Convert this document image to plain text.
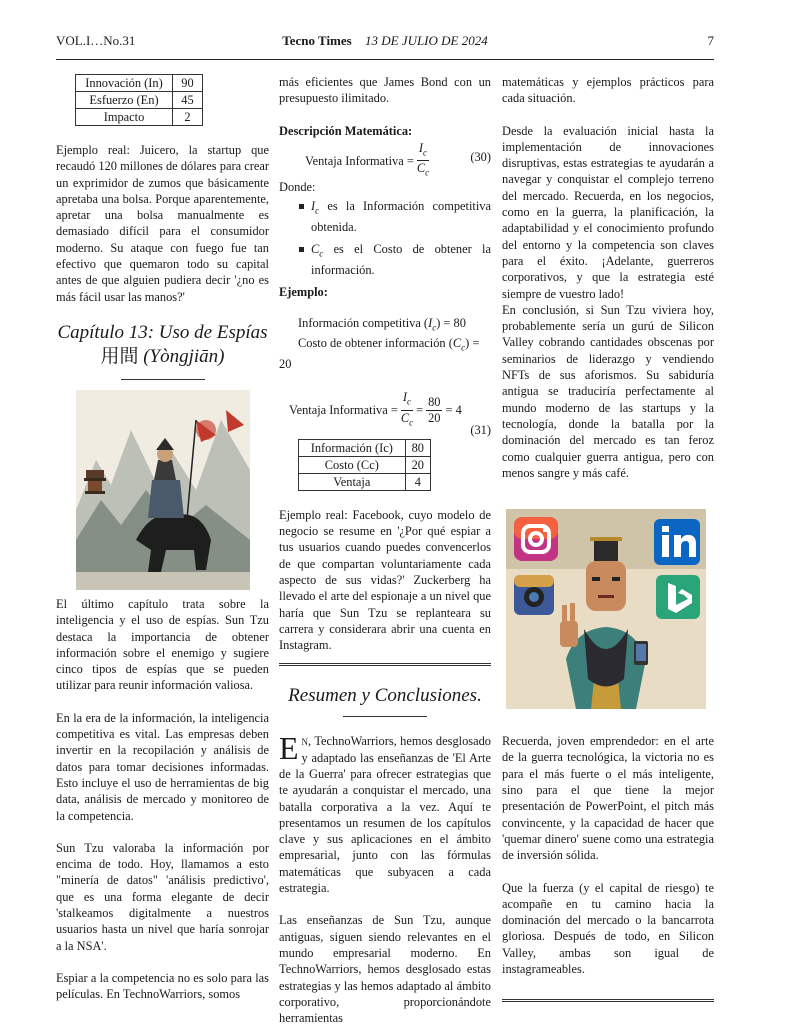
VOL.I…No.31	Tecno Times 13 DE JULIO DE 2024	7
Innovación (In)	90
Esfuerzo (En)	45
Impacto	2

Ejemplo real: Juicero, la startup que recaudó 120 millones de dólares para crear un exprimidor de zumos que básicamente apretaba una bolsa. Porque aparentemente, apretar una bolsa manualmente es demasiado difícil para el consumidor moderno. Su ataque con fuego fue tan efectivo que quemaron todo su capital antes de que alguien pudiera decir '¿no es más fácil usar las manos?'

Capítulo 13: Uso de Espías
用間 (Yòngjiān)

El último capítulo trata sobre la inteligencia y el uso de espías. Sun Tzu destaca la importancia de obtener información sobre el enemigo y sugiere cinco tipos de espías que se pueden utilizar para reunir información valiosa.

En la era de la información, la inteligencia competitiva es vital. Las empresas deben invertir en la recopilación y análisis de datos para tomar decisiones informadas. Esto incluye el uso de herramientas de big data, análisis de mercado y monitoreo de la competencia.

Sun Tzu valoraba la información por encima de todo. Hoy, llamamos a esto "minería de datos" 'análisis predictivo', que es una forma elegante de decir 'stalkeamos digitalmente a nuestros usuarios hasta un nivel que haría sonrojar a la NSA'.

Espiar a la competencia no es solo para las películas. En TechnoWarriors, somos

más eficientes que James Bond con un presupuesto ilimitado.

Descripción Matemática:
Ventaja Informativa = $\frac{I_c}{C_c}$	(30)
Donde:
$I_c$ es la Información competitiva obtenida.
$C_c$ es el Costo de obtener la información.
Ejemplo:
Información competitiva $(I_c) = 80$
Costo de obtener información $(C_c)$ =
20
Ventaja Informativa = $\frac{I_c}{C_c} = \frac{80}{20} = 4$
(31)
Información (Ic)	80
Costo (Cc)	20
Ventaja	4

Ejemplo real: Facebook, cuyo modelo de negocio se resume en '¿Por qué espiar a tus usuarios cuando puedes convencerlos de que compartan voluntariamente cada aspecto de sus vidas?' Zuckerberg ha llevado el arte del espionaje a un nivel que haría que Sun Tzu se replanteara su carrera y considerara abrir una cuenta en Instagram.

Resumen y Conclusiones.

En, TechnoWarriors, hemos desglosado y adaptado las enseñanzas de 'El Arte de la Guerra' para ofrecer estrategias que te ayudarán a conquistar el mercado, una batalla corporativa a la vez. Aquí te presentamos un resumen de los capítulos clave y sus aplicaciones en el ámbito empresarial, junto con las fórmulas matemáticas que subyacen a cada estrategia.

Las enseñanzas de Sun Tzu, aunque antiguas, siguen siendo relevantes en el mundo empresarial moderno. En TechnoWarriors, hemos desglosado estas estrategias y las hemos adaptado al ámbito corporativo, proporcionándote herramientas

matemáticas y ejemplos prácticos para cada situación.

Desde la evaluación inicial hasta la implementación de innovaciones disruptivas, estas estrategias te ayudarán a navegar y conquistar el complejo terreno del mercado. Recuerda, en los negocios, como en la guerra, la planificación, la adaptabilidad y el conocimiento profundo del entorno y la competencia son claves para el éxito. ¡Adelante, guerreros corporativos, y que la estrategia esté siempre de vuestro lado!

En conclusión, si Sun Tzu viviera hoy, probablemente sería un gurú de Silicon Valley cobrando cantidades obscenas por seminarios de liderazgo y vendiendo NFTs de sus aforismos. Su sabiduría antigua se traduciría perfectamente al mundo moderno de las startups y la tecnología, donde la batalla por la dominación del mercado es tan feroz como cualquier guerra antigua, pero con menos sangre y más café.

Recuerda, joven emprendedor: en el arte de la guerra tecnológica, la victoria no es para el más fuerte o el más inteligente, sino para el que tiene la mejor presentación de PowerPoint, el pitch más convincente, y la capacidad de hacer que 'quemar dinero' suene como una estrategia de inversión sólida.

Que la fuerza (y el capital de riesgo) te acompañe en tu camino hacia la dominación del mercado o la bancarrota gloriosa. Después de todo, en Silicon Valley, ambas son igual de instagrameables.
